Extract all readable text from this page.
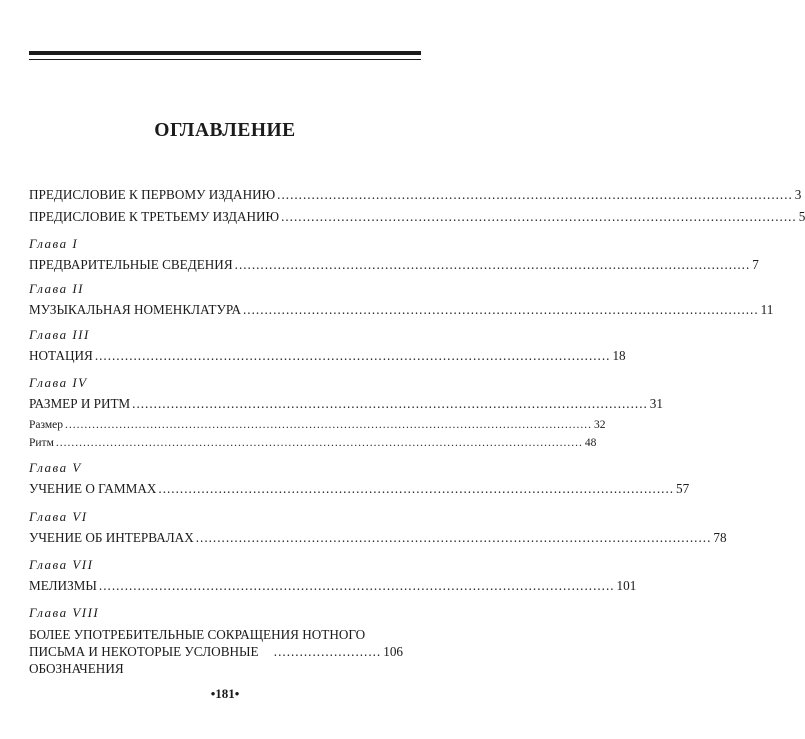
ОГЛАВЛЕНИЕ
ПРЕДИСЛОВИЕ К ПЕРВОМУ ИЗДАНИЮ ........................................................................................................................ 3
ПРЕДИСЛОВИЕ К ТРЕТЬЕМУ ИЗДАНИЮ ........................................................................................................................ 5
Глава I
ПРЕДВАРИТЕЛЬНЫЕ СВЕДЕНИЯ ........................................................................................................................ 7
Глава II
МУЗЫКАЛЬНАЯ НОМЕНКЛАТУРА ........................................................................................................................ 11
Глава III
НОТАЦИЯ ........................................................................................................................ 18
Глава IV
РАЗМЕР И РИТМ ........................................................................................................................ 31
Размер ........................................................................................................................................ 32
Ритм ........................................................................................................................................ 48
Глава V
УЧЕНИЕ О ГАММАХ ........................................................................................................................ 57
Глава VI
УЧЕНИЕ ОБ ИНТЕРВАЛАХ ........................................................................................................................ 78
Глава VII
МЕЛИЗМЫ ........................................................................................................................ 101
Глава VIII
БОЛЕЕ УПОТРЕБИТЕЛЬНЫЕ СОКРАЩЕНИЯ НОТНОГО
ПИСЬМА И НЕКОТОРЫЕ УСЛОВНЫЕ ОБОЗНАЧЕНИЯ
......................... 106
•181•
